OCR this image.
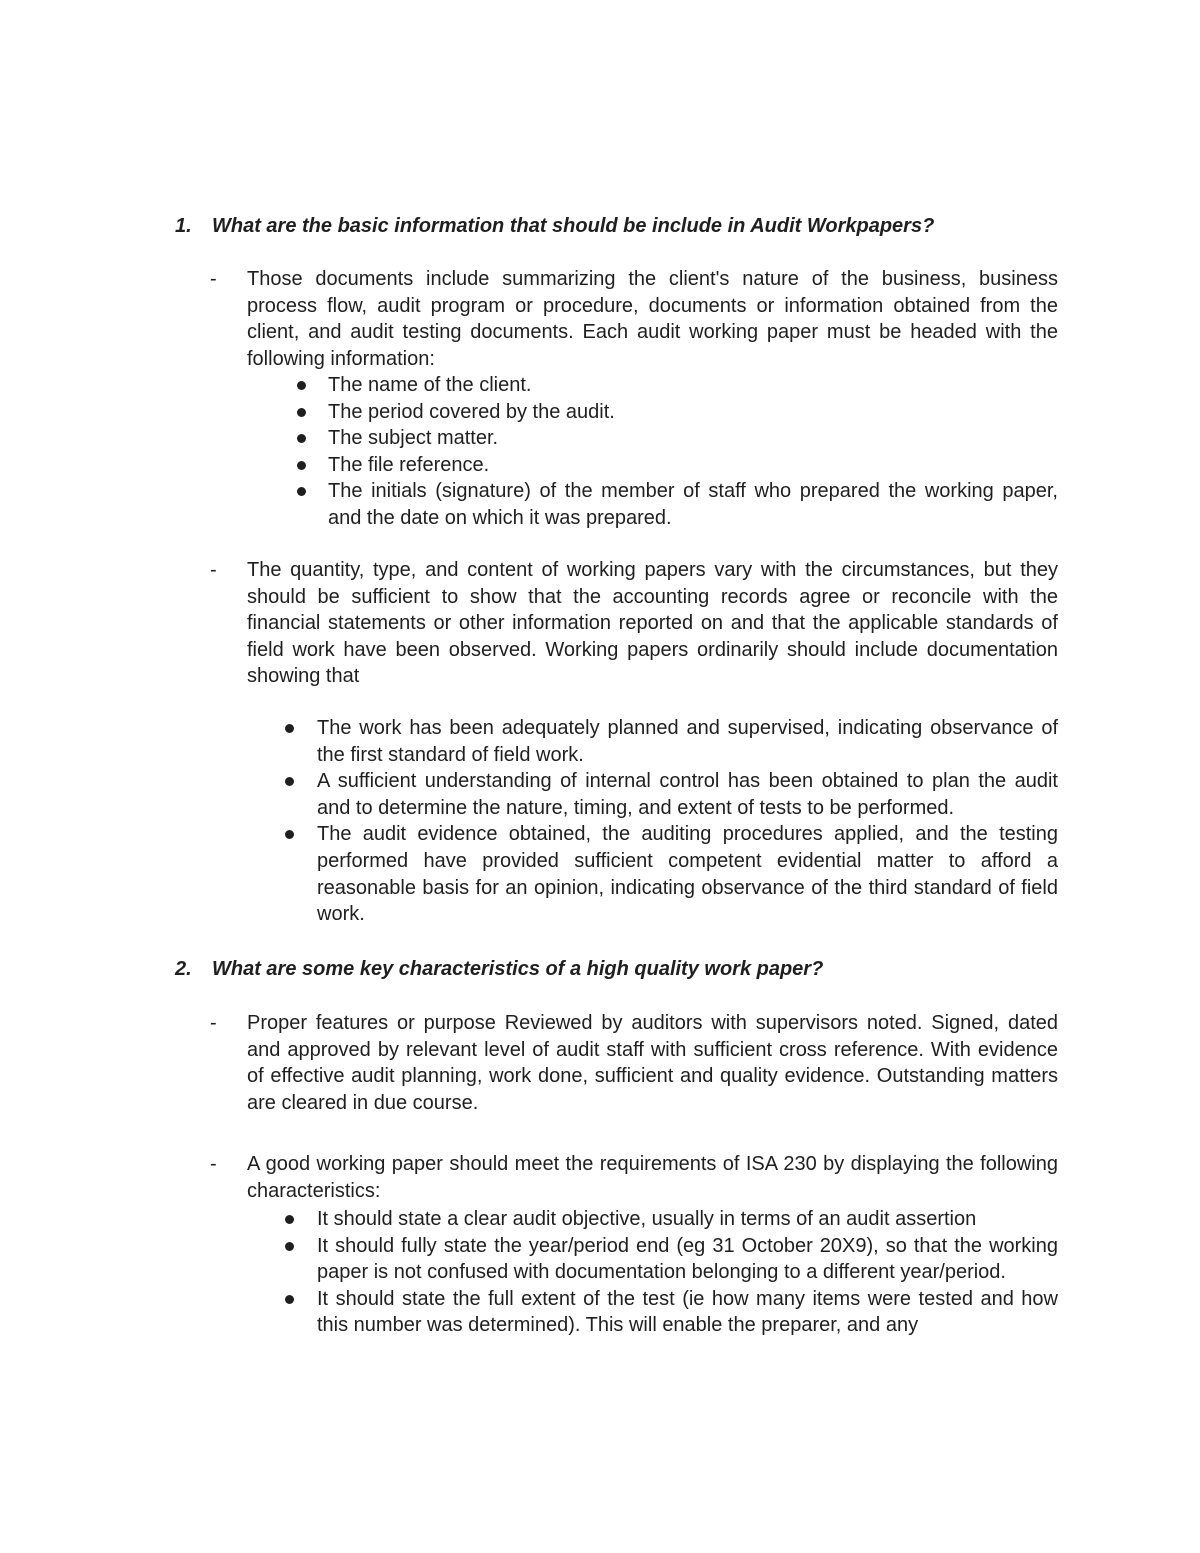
1. What are the basic information that should be include in Audit Workpapers?
- Those documents include summarizing the client's nature of the business, business process flow, audit program or procedure, documents or information obtained from the client, and audit testing documents. Each audit working paper must be headed with the following information:
The name of the client.
The period covered by the audit.
The subject matter.
The file reference.
The initials (signature) of the member of staff who prepared the working paper, and the date on which it was prepared.
- The quantity, type, and content of working papers vary with the circumstances, but they should be sufficient to show that the accounting records agree or reconcile with the financial statements or other information reported on and that the applicable standards of field work have been observed. Working papers ordinarily should include documentation showing that
The work has been adequately planned and supervised, indicating observance of the first standard of field work.
A sufficient understanding of internal control has been obtained to plan the audit and to determine the nature, timing, and extent of tests to be performed.
The audit evidence obtained, the auditing procedures applied, and the testing performed have provided sufficient competent evidential matter to afford a reasonable basis for an opinion, indicating observance of the third standard of field work.
2. What are some key characteristics of a high quality work paper?
- Proper features or purpose Reviewed by auditors with supervisors noted. Signed, dated and approved by relevant level of audit staff with sufficient cross reference. With evidence of effective audit planning, work done, sufficient and quality evidence. Outstanding matters are cleared in due course.
- A good working paper should meet the requirements of ISA 230 by displaying the following characteristics:
It should state a clear audit objective, usually in terms of an audit assertion
It should fully state the year/period end (eg 31 October 20X9), so that the working paper is not confused with documentation belonging to a different year/period.
It should state the full extent of the test (ie how many items were tested and how this number was determined). This will enable the preparer, and any
